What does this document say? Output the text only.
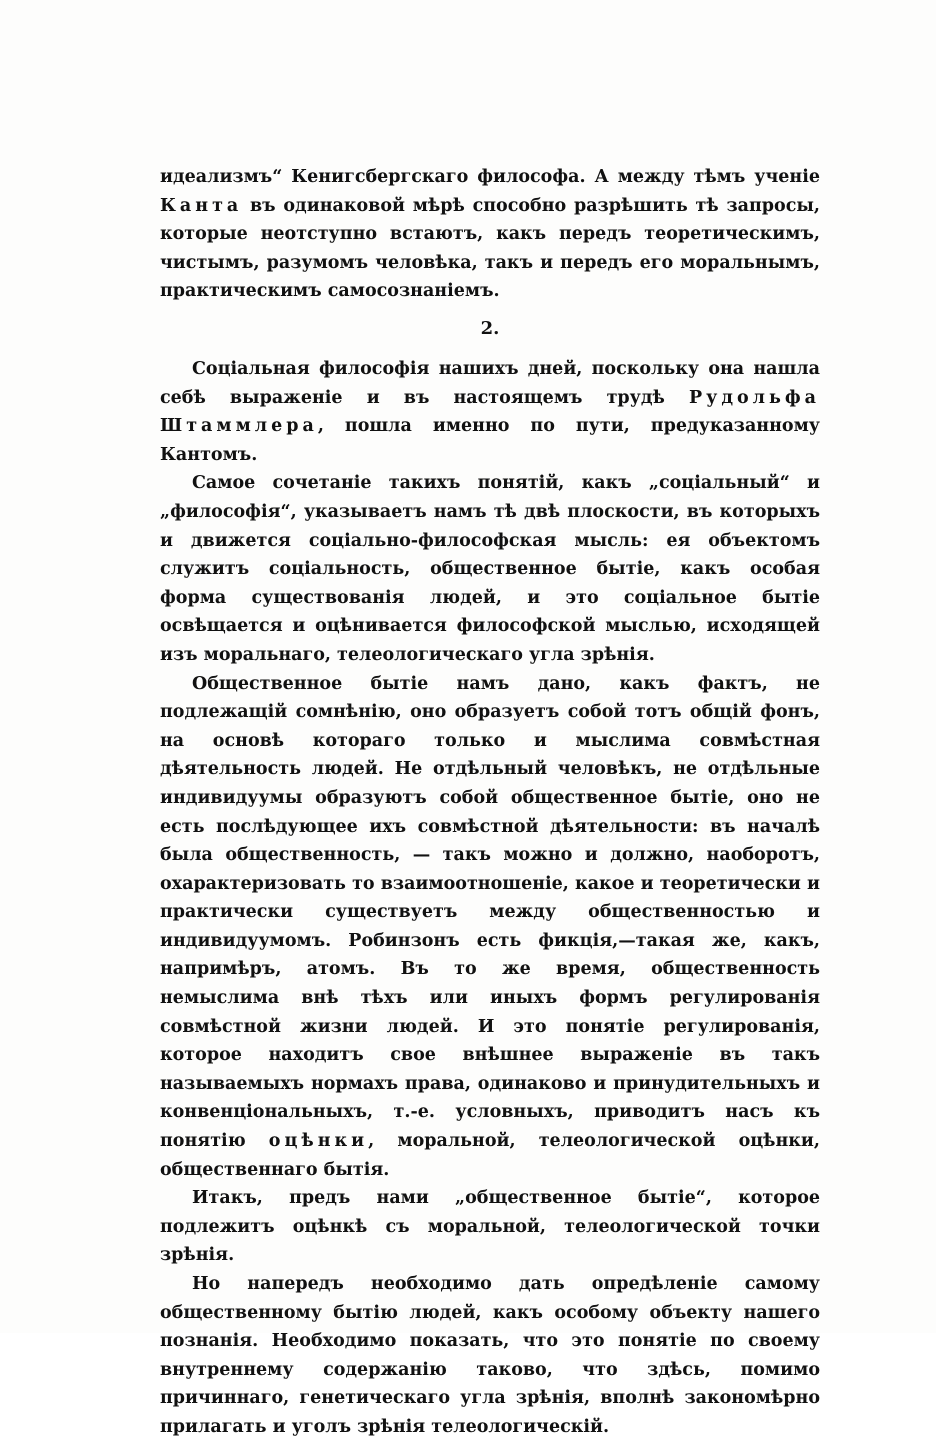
идеализмъ“ Кенигсбергскаго философа. А между тѣмъ ученіе Канта въ одинаковой мѣрѣ способно разрѣшить тѣ запросы, которые неотступно встаютъ, какъ передъ теоретическимъ, чистымъ, разумомъ человѣка, такъ и передъ его моральнымъ, практическимъ самосознаніемъ.

2.

Соціальная философія нашихъ дней, поскольку она нашла себѣ выраженіе и въ настоящемъ трудѣ Рудольфа Штаммлера, пошла именно по пути, предуказанному Кантомъ.

Самое сочетаніе такихъ понятій, какъ „соціальный“ и „философія“, указываетъ намъ тѣ двѣ плоскости, въ которыхъ и движется соціально-философская мысль: ея объектомъ служитъ соціальность, общественное бытіе, какъ особая форма существованія людей, и это соціальное бытіе освѣщается и оцѣнивается философской мыслью, исходящей изъ моральнаго, телеологическаго угла зрѣнія.

Общественное бытіе намъ дано, какъ фактъ, не подлежащій сомнѣнію, оно образуетъ собой тотъ общій фонъ, на основѣ котораго только и мыслима совмѣстная дѣятельность людей. Не отдѣльный человѣкъ, не отдѣльные индивидуумы образуютъ собой общественное бытіе, оно не есть послѣдующее ихъ совмѣстной дѣятельности: въ началѣ была общественность, — такъ можно и должно, наоборотъ, охарактеризовать то взаимоотношеніе, какое и теоретически и практически существуетъ между общественностью и индивидуумомъ. Робинзонъ есть фикція,—такая же, какъ, напримѣръ, атомъ. Въ то же время, общественность немыслима внѣ тѣхъ или иныхъ формъ регулированія совмѣстной жизни людей. И это понятіе регулированія, которое находитъ свое внѣшнее выраженіе въ такъ называемыхъ нормахъ права, одинаково и принудительныхъ и конвенціональныхъ, т.-е. условныхъ, приводитъ насъ къ понятію оцѣнки, моральной, телеологической оцѣнки, общественнаго бытія.

Итакъ, предъ нами „общественное бытіе“, которое подлежитъ оцѣнкѣ съ моральной, телеологической точки зрѣнія.

Но напередъ необходимо дать опредѣленіе самому общественному бытію людей, какъ особому объекту нашего познанія. Необходимо показать, что это понятіе по своему внутреннему содержанію таково, что здѣсь, помимо причиннаго, генетическаго угла зрѣнія, вполнѣ закономѣрно прилагать и уголъ зрѣнія телеологическій.
